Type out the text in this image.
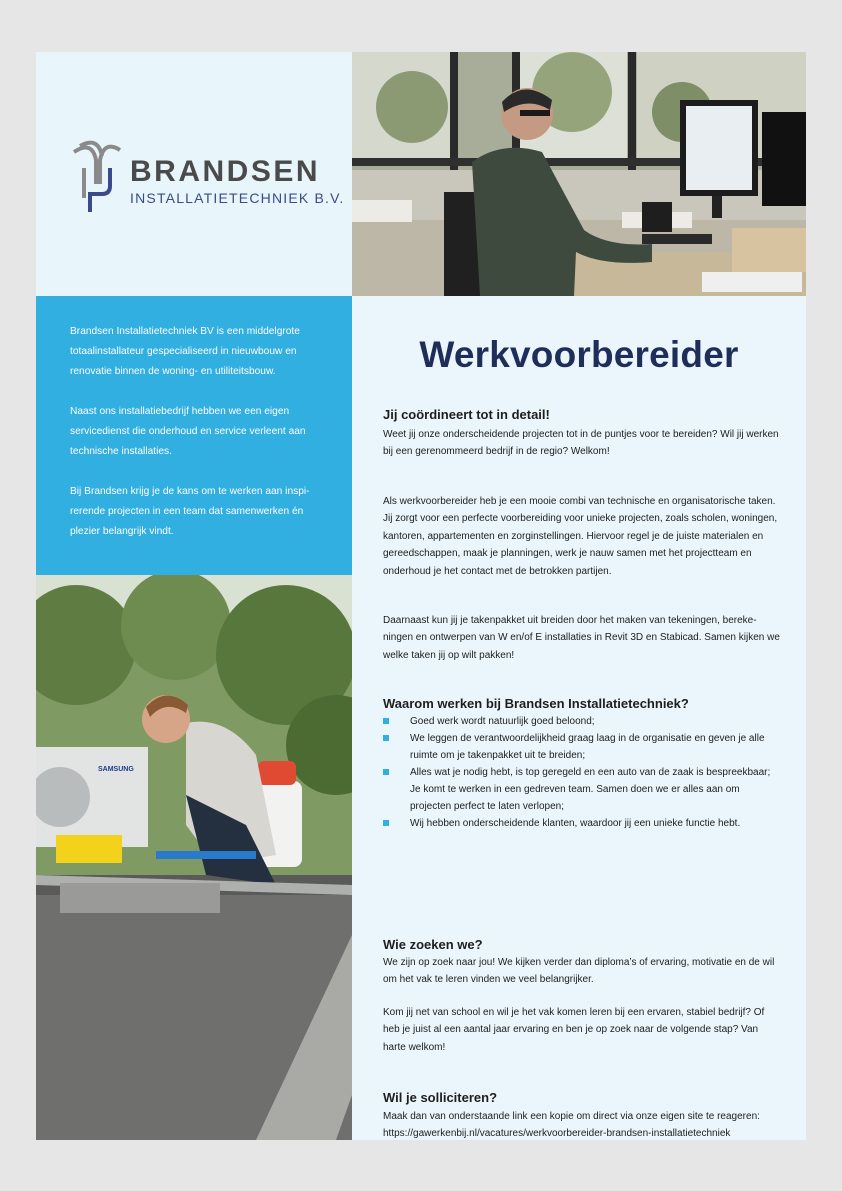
BRANDSEN
INSTALLATIETECHNIEK B.V.

Brandsen Installatietechniek BV is een middelgrote totaalinstallateur gespecialiseerd in nieuwbouw en renovatie binnen de woning- en utiliteitsbouw.

Naast ons installatiebedrijf hebben we een eigen servicedienst die onderhoud en service verleent aan technische installaties.

Bij Brandsen krijg je de kans om te werken aan inspi-rerende projecten in een team dat samenwerken én plezier belangrijk vindt.

SAMSUNG
Werkvoorbereider
Jij coördineert tot in detail!

Weet jij onze onderscheidende projecten tot in de puntjes voor te bereiden? Wil jij werken bij een gerenommeerd bedrijf in de regio? Welkom!

Als werkvoorbereider heb je een mooie combi van technische en organisatorische taken. Jij zorgt voor een perfecte voorbereiding voor unieke projecten, zoals scholen, woningen, kantoren, appartementen en zorginstellingen. Hiervoor regel je de juiste materialen en gereedschappen, maak je planningen, werk je nauw samen met het projectteam en onderhoud je het contact met de betrokken partijen.

Daarnaast kun jij je takenpakket uit breiden door het maken van tekeningen, bereke-ningen en ontwerpen van W en/of E installaties in Revit 3D en Stabicad. Samen kijken we welke taken jij op wilt pakken!

Waarom werken bij Brandsen Installatietechniek?
Goed werk wordt natuurlijk goed beloond;
We leggen de verantwoordelijkheid graag laag in de organisatie en geven je alle ruimte om je takenpakket uit te breiden;
Alles wat je nodig hebt, is top geregeld en een auto van de zaak is bespreekbaar;
Je komt te werken in een gedreven team. Samen doen we er alles aan om projecten perfect te laten verlopen;
Wij hebben onderscheidende klanten, waardoor jij een unieke functie hebt.
Wie zoeken we?

We zijn op zoek naar jou! We kijken verder dan diploma’s of ervaring, motivatie en de wil om het vak te leren vinden we veel belangrijker.

Kom jij net van school en wil je het vak komen leren bij een ervaren, stabiel bedrijf? Of heb je juist al een aantal jaar ervaring en ben je op zoek naar de volgende stap? Van harte welkom!

Wil je solliciteren?

Maak dan van onderstaande link een kopie om direct via onze eigen site te reageren:

https://gawerkenbij.nl/vacatures/werkvoorbereider-brandsen-installatietechniek
